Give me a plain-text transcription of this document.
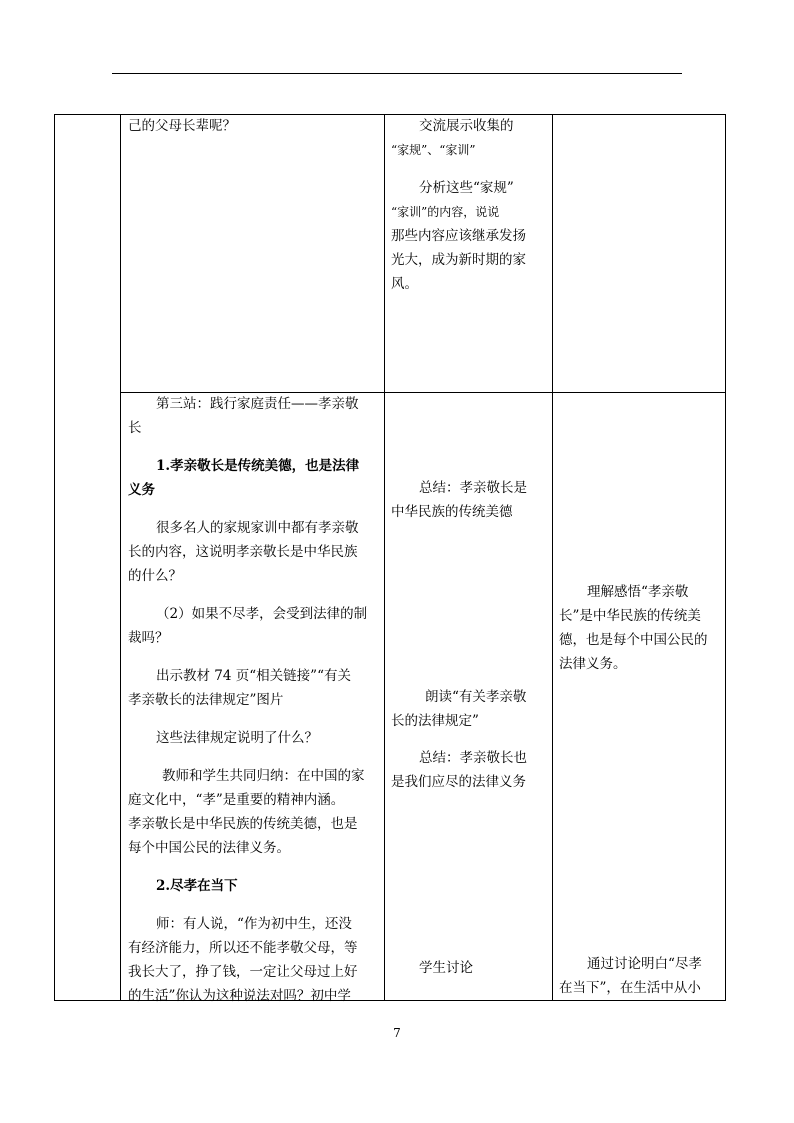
己的父母长辈呢？	交流展示收集的

“家规”、“家训”

分析这些“家规”

“家训”的内容，说说

那些内容应该继承发扬

光大，成为新时期的家

风。

第三站：践行家庭责任——孝亲敬

长

1.孝亲敬长是传统美德，也是法律

义务

很多名人的家规家训中都有孝亲敬

长的内容，这说明孝亲敬长是中华民族

的什么？

（2）如果不尽孝，会受到法律的制

裁吗？

出示教材 74 页“相关链接”“有关

孝亲敬长的法律规定”图片

这些法律规定说明了什么？

教师和学生共同归纳：在中国的家

庭文化中，“孝”是重要的精神内涵。

孝亲敬长是中华民族的传统美德，也是

每个中国公民的法律义务。

2.尽孝在当下

师：有人说，“作为初中生，还没

有经济能力，所以还不能孝敬父母，等

我长大了，挣了钱，一定让父母过上好

的生活”你认为这种说法对吗？初中学

总结：孝亲敬长是

中华民族的传统美德

朗读“有关孝亲敬

长的法律规定”

总结：孝亲敬长也

是我们应尽的法律义务

学生讨论

理解感悟“孝亲敬

长”是中华民族的传统美

德，也是每个中国公民的

法律义务。

通过讨论明白“尽孝

在当下”，在生活中从小

7
